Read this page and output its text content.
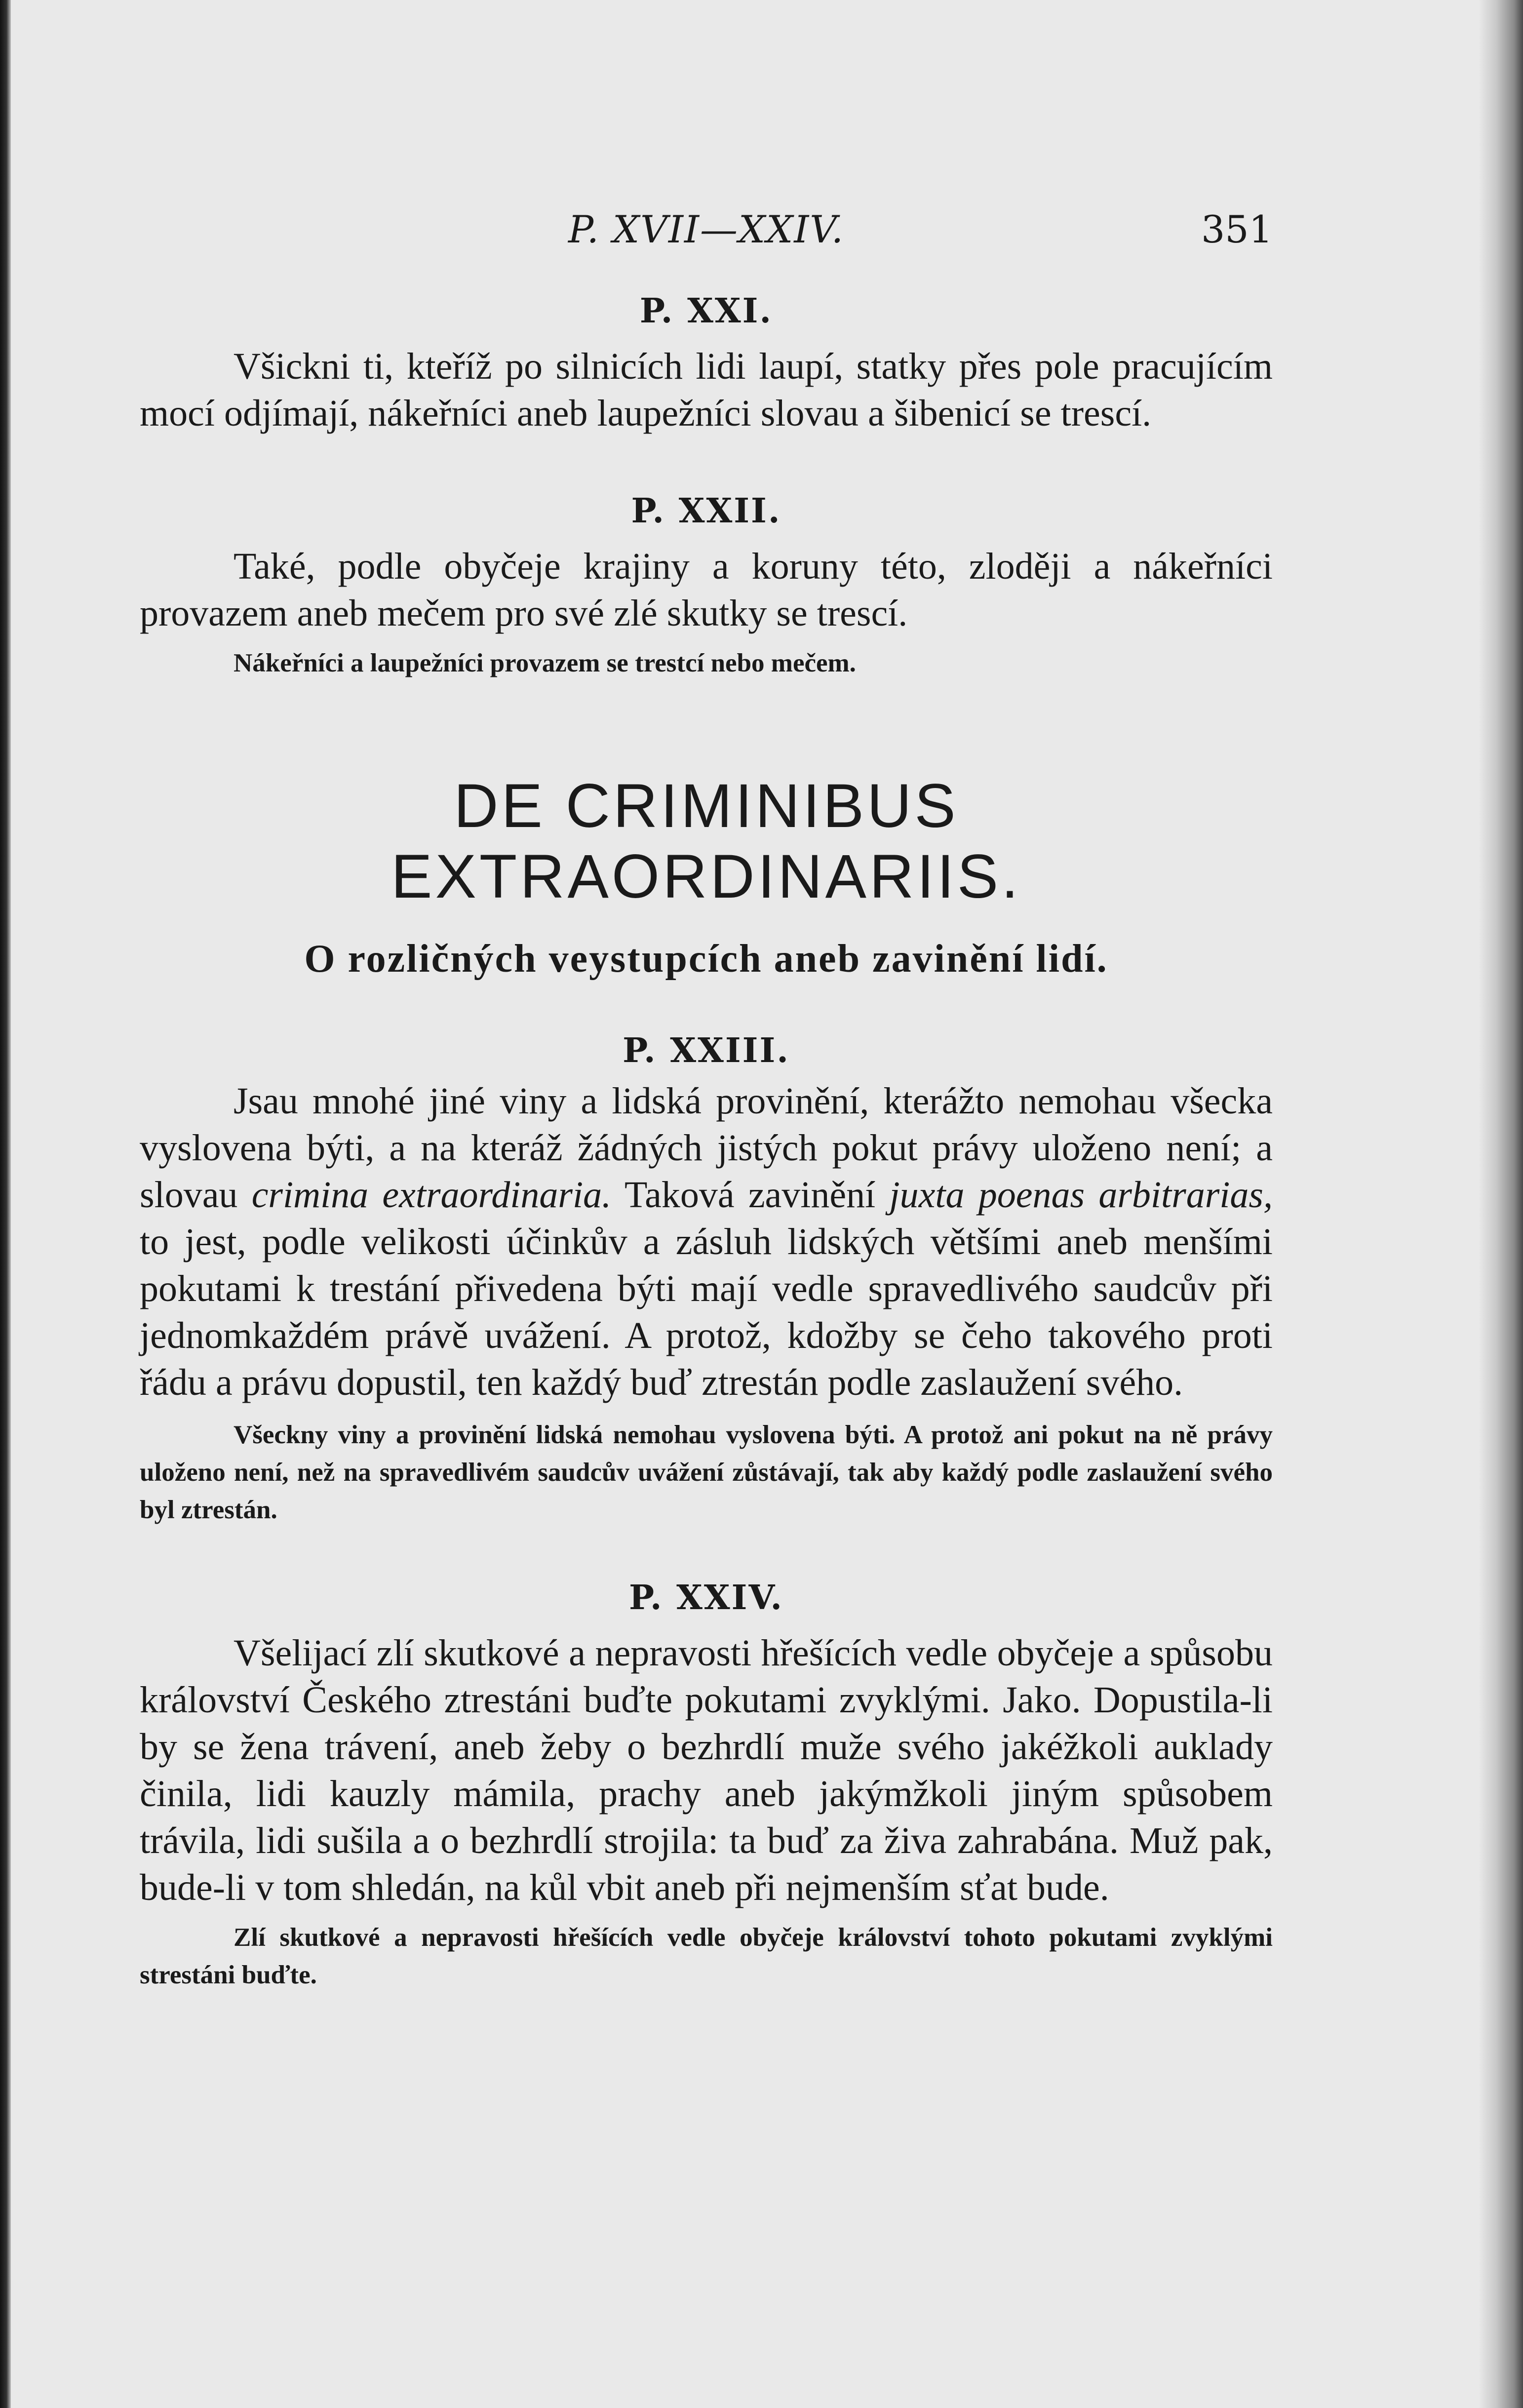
P. XVII—XXIV.	351
P. XXI.

Všickni ti, kteříž po silnicích lidi laupí, statky přes pole pracujícím mocí odjímají, nákeřníci aneb laupežníci slovau a šibenicí se trescí.

P. XXII.

Také, podle obyčeje krajiny a koruny této, zloději a nákeřníci provazem aneb mečem pro své zlé skutky se trescí.

Nákeřníci a laupežníci provazem se trestcí nebo mečem.

DE CRIMINIBUS EXTRAORDINARIIS.
O rozličných veystupcích aneb zavinění lidí.
P. XXIII.

Jsau mnohé jiné viny a lidská provinění, kterážto nemohau všecka vyslovena býti, a na kteráž žádných jistých pokut právy uloženo není; a slovau crimina extraordinaria. Taková zavinění juxta poenas arbitrarias, to jest, podle velikosti účinkův a zásluh lidských většími aneb menšími pokutami k trestání přivedena býti mají vedle spravedlivého saudcův při jednomkaždém právě uvážení. A protož, kdožby se čeho takového proti řádu a právu dopustil, ten každý buď ztrestán podle zaslaužení svého.

Všeckny viny a provinění lidská nemohau vyslovena býti. A protož ani pokut na ně právy uloženo není, než na spravedlivém saudcův uvážení zůstávají, tak aby každý podle zaslaužení svého byl ztrestán.

P. XXIV.

Všelijací zlí skutkové a nepravosti hřešících vedle obyčeje a spůsobu království Českého ztrestáni buďte pokutami zvyklými. Jako. Dopustila-li by se žena trávení, aneb žeby o bezhrdlí muže svého jakéžkoli auklady činila, lidi kauzly mámila, prachy aneb jakýmžkoli jiným spůsobem trávila, lidi sušila a o bezhrdlí strojila: ta buď za živa zahrabána. Muž pak, bude-li v tom shledán, na kůl vbit aneb při nejmenším sťat bude.

Zlí skutkové a nepravosti hřešících vedle obyčeje království tohoto pokutami zvyklými strestáni buďte.
